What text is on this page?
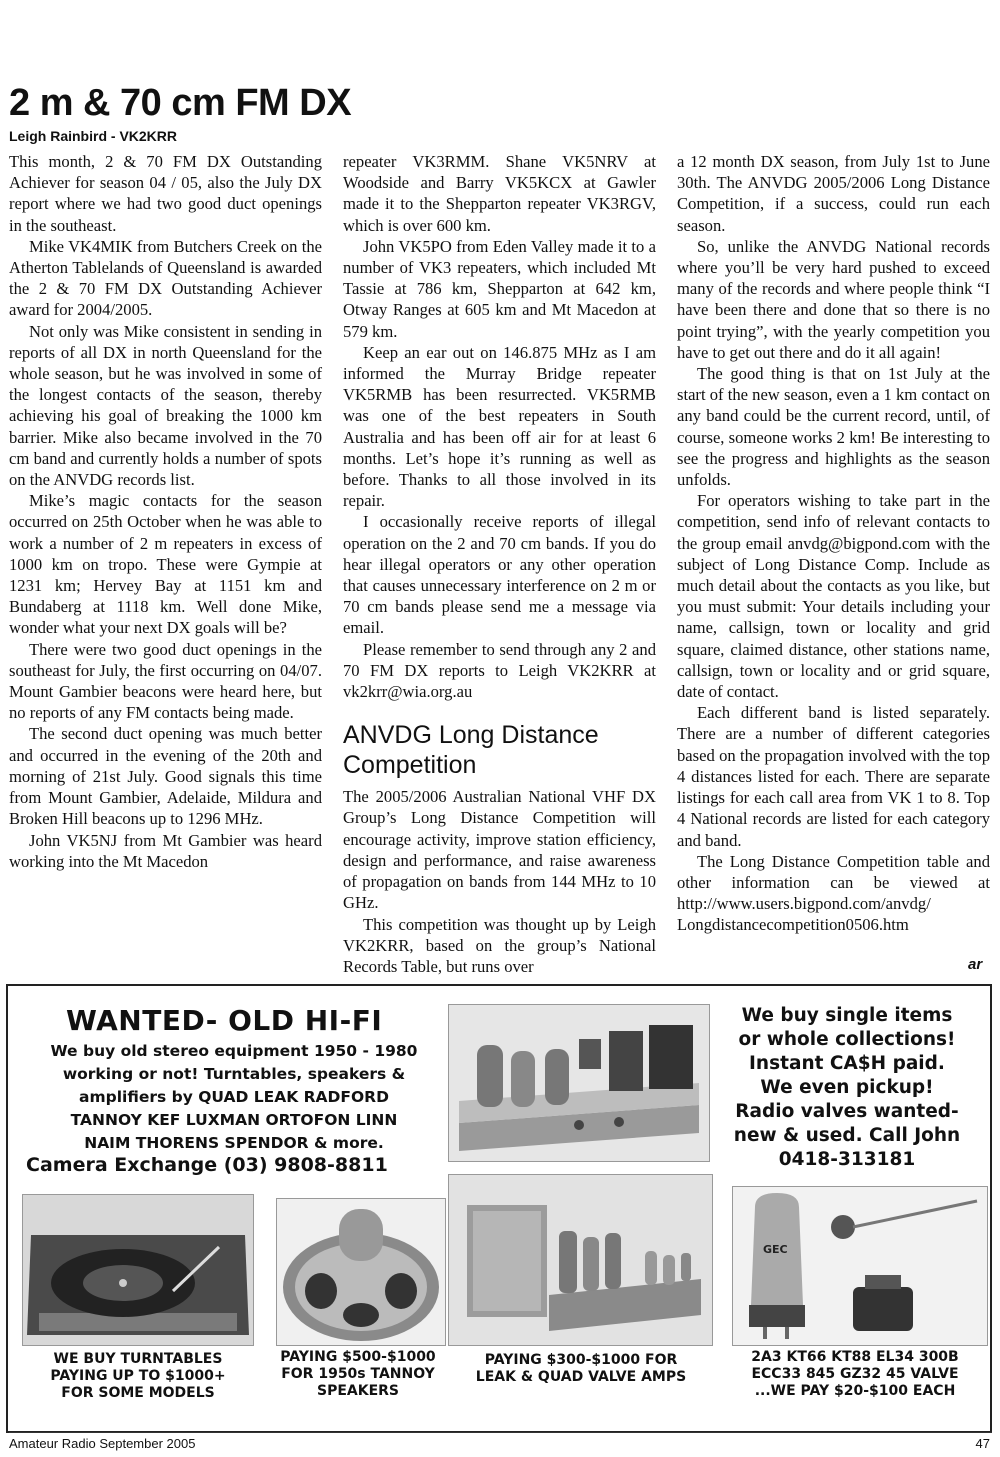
2 m & 70 cm FM DX
Leigh Rainbird - VK2KRR

This month, 2 & 70 FM DX Outstanding Achiever for season 04 / 05, also the July DX report where we had two good duct openings in the southeast.

Mike VK4MIK from Butchers Creek on the Atherton Tablelands of Queensland is awarded the 2 & 70 FM DX Outstanding Achiever award for 2004/2005.

Not only was Mike consistent in sending in reports of all DX in north Queensland for the whole season, but he was involved in some of the longest contacts of the season, thereby achieving his goal of breaking the 1000 km barrier. Mike also became involved in the 70 cm band and currently holds a number of spots on the ANVDG records list.

Mike’s magic contacts for the season occurred on 25th October when he was able to work a number of 2 m repeaters in excess of 1000 km on tropo. These were Gympie at 1231 km; Hervey Bay at 1151 km and Bundaberg at 1118 km. Well done Mike, wonder what your next DX goals will be?

There were two good duct openings in the southeast for July, the first occurring on 04/07. Mount Gambier beacons were heard here, but no reports of any FM contacts being made.

The second duct opening was much better and occurred in the evening of the 20th and morning of 21st July. Good signals this time from Mount Gambier, Adelaide, Mildura and Broken Hill beacons up to 1296 MHz.

John VK5NJ from Mt Gambier was heard working into the Mt Macedon

repeater VK3RMM. Shane VK5NRV at Woodside and Barry VK5KCX at Gawler made it to the Shepparton repeater VK3RGV, which is over 600 km.

John VK5PO from Eden Valley made it to a number of VK3 repeaters, which included Mt Tassie at 786 km, Shepparton at 642 km, Otway Ranges at 605 km and Mt Macedon at 579 km.

Keep an ear out on 146.875 MHz as I am informed the Murray Bridge repeater VK5RMB has been resurrected. VK5RMB was one of the best repeaters in South Australia and has been off air for at least 6 months. Let’s hope it’s running as well as before. Thanks to all those involved in its repair.

I occasionally receive reports of illegal operation on the 2 and 70 cm bands. If you do hear illegal operators or any other operation that causes unnecessary interference on 2 m or 70 cm bands please send me a message via email.

Please remember to send through any 2 and 70 FM DX reports to Leigh VK2KRR at vk2krr@wia.org.au

ANVDG Long Distance Competition

The 2005/2006 Australian National VHF DX Group’s Long Distance Competition will encourage activity, improve station efficiency, design and performance, and raise awareness of propagation on bands from 144 MHz to 10 GHz.

This competition was thought up by Leigh VK2KRR, based on the group’s National Records Table, but runs over

a 12 month DX season, from July 1st to June 30th. The ANVDG 2005/2006 Long Distance Competition, if a success, could run each season.

So, unlike the ANVDG National records where you’ll be very hard pushed to exceed many of the records and where people think “I have been there and done that so there is no point trying”, with the yearly competition you have to get out there and do it all again!

The good thing is that on 1st July at the start of the new season, even a 1 km contact on any band could be the current record, until, of course, someone works 2 km! Be interesting to see the progress and highlights as the season unfolds.

For operators wishing to take part in the competition, send info of relevant contacts to the group email anvdg@bigpond.com with the subject of Long Distance Comp. Include as much detail about the contacts as you like, but you must submit: Your details including your name, callsign, town or locality and grid square, claimed distance, other stations name, callsign, town or locality and or grid square, date of contact.

Each different band is listed separately. There are a number of different categories based on the propagation involved with the top 4 distances listed for each. There are separate listings for each call area from VK 1 to 8. Top 4 National records are listed for each category and band.

The Long Distance Competition table and other information can be viewed at http://www.users.bigpond.com/anvdg/ Longdistancecompetition0506.htm

ar
WANTED- OLD HI-FI
We buy old stereo equipment 1950 - 1980
working or not! Turntables, speakers &
amplifiers by QUAD LEAK RADFORD
TANNOY KEF LUXMAN ORTOFON LINN
NAIM THORENS SPENDOR & more.
Camera Exchange (03) 9808-8811
We buy single items
or whole collections!
Instant CA$H paid.
We even pickup!
Radio valves wanted-
new & used. Call John
0418-313181
GEC
WE BUY TURNTABLES
PAYING UP TO $1000+
FOR SOME MODELS
PAYING $500-$1000
FOR 1950s TANNOY
SPEAKERS
PAYING $300-$1000 FOR
LEAK & QUAD VALVE AMPS
2A3 KT66 KT88 EL34 300B
ECC33 845 GZ32 45 VALVE
...WE PAY $20-$100 EACH
Amateur Radio September 2005	47
